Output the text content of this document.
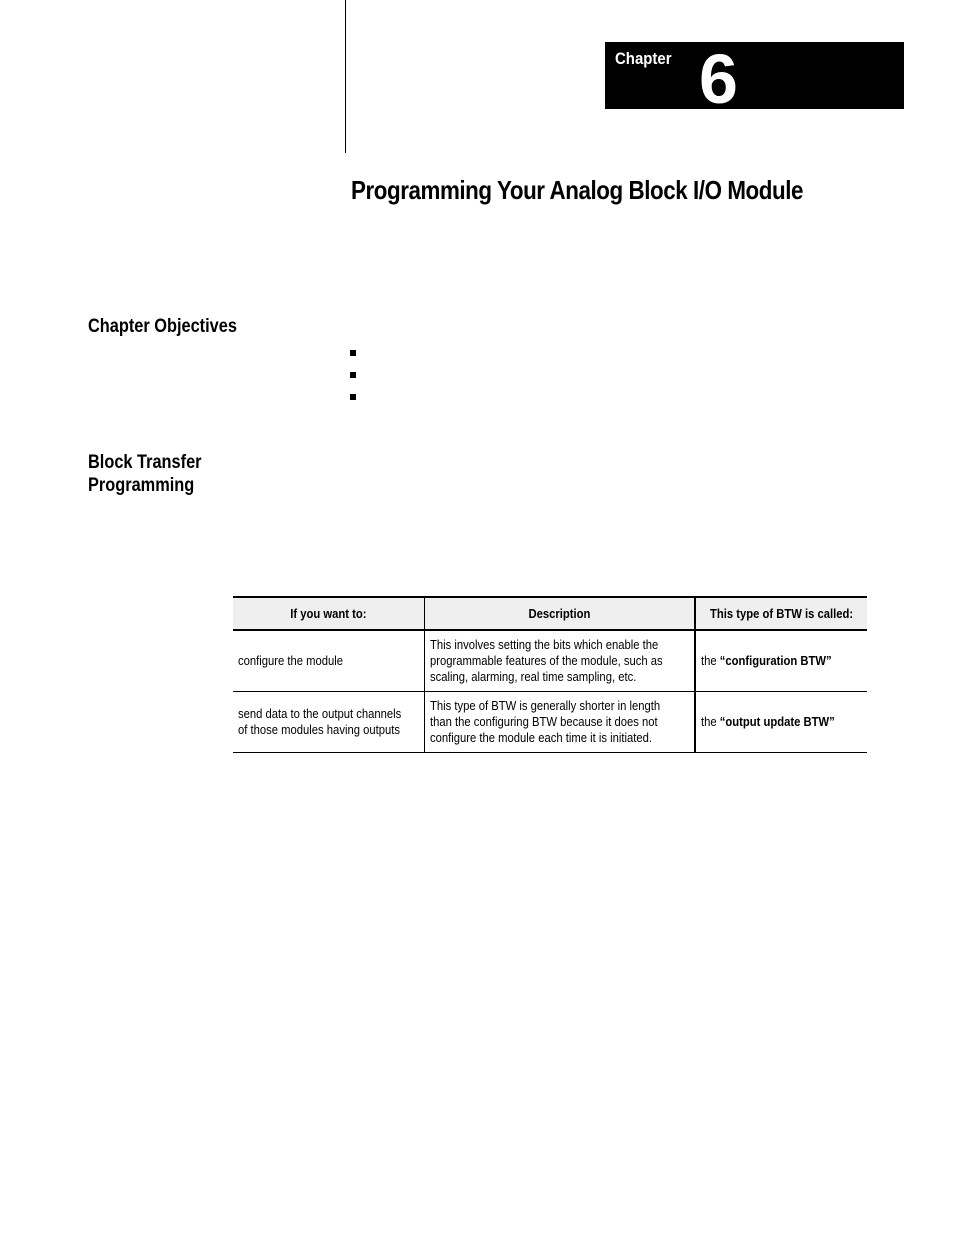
Chapter 6
Programming Your Analog Block I/O Module
Chapter Objectives
Block Transfer
Programming
If you want to:	Description	This type of BTW is called:
configure the module	This involves setting the bits which enable the
programmable features of the module, such as
scaling, alarming, real time sampling, etc.	the “configuration BTW”
send data to the output channels
of those modules having outputs	This type of BTW is generally shorter in length
than the configuring BTW because it does not
configure the module each time it is initiated.	the “output update BTW”
